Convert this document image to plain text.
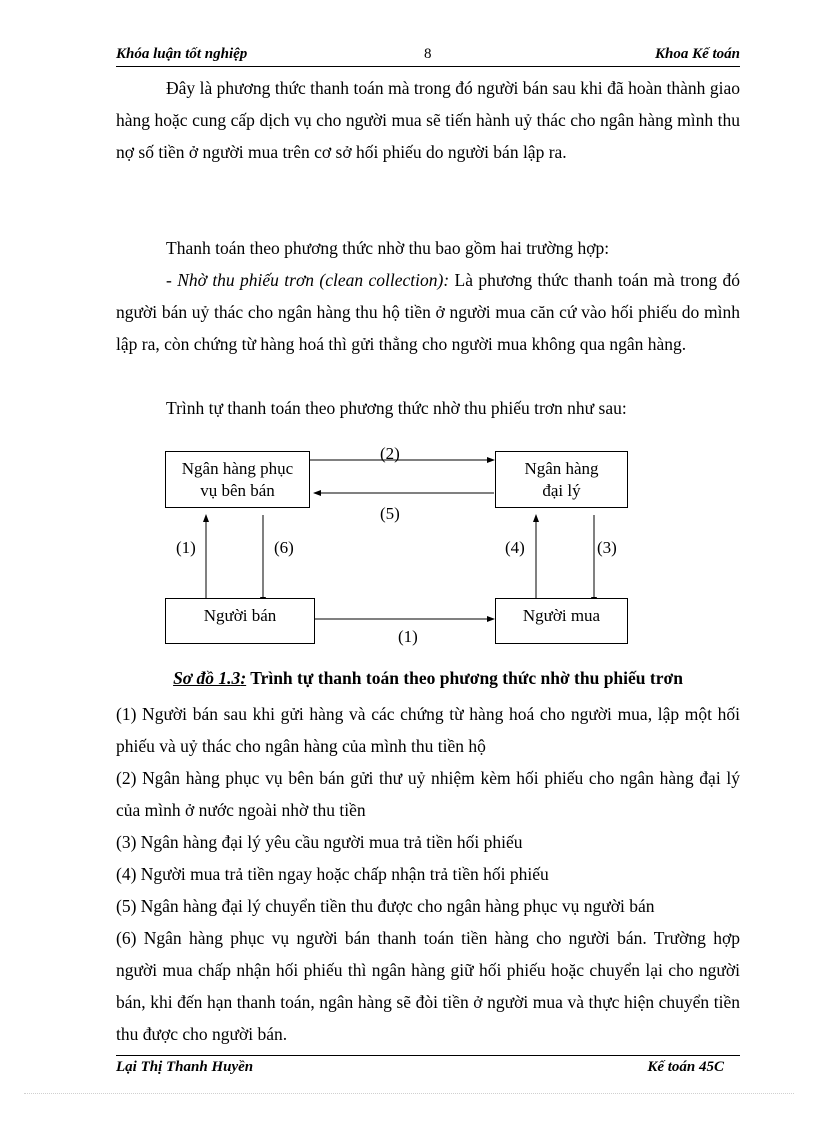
Khóa luận tốt nghiệp	8	Khoa Kế toán
Đây là phương thức thanh toán mà trong đó người bán sau khi đã hoàn thành giao hàng hoặc cung cấp dịch vụ cho người mua sẽ tiến hành uỷ thác cho ngân hàng mình thu nợ số tiền ở người mua trên cơ sở hối phiếu do người bán lập ra.
Thanh toán theo phương thức nhờ thu bao gồm hai trường hợp:
- Nhờ thu phiếu trơn (clean collection): Là phương thức thanh toán mà trong đó người bán uỷ thác cho ngân hàng thu hộ tiền ở người mua căn cứ vào hối phiếu do mình lập ra, còn chứng từ hàng hoá thì gửi thẳng cho người mua không qua ngân hàng.
Trình tự thanh toán theo phương thức nhờ thu phiếu trơn như sau:
Ngân hàng phục
vụ bên bán
Ngân hàng
đại lý
Người bán	Người mua
(2)
(5)
(1)	(6)	(4)	(3)
(1)
Sơ đồ 1.3: Trình tự thanh toán theo phương thức nhờ thu phiếu trơn
(1) Người bán sau khi gửi hàng và các chứng từ hàng hoá cho người mua, lập một hối phiếu và uỷ thác cho ngân hàng của mình thu tiền hộ
(2) Ngân hàng phục vụ bên bán gửi thư uỷ nhiệm kèm hối phiếu cho ngân hàng đại lý của mình ở nước ngoài nhờ thu tiền
(3) Ngân hàng đại lý yêu cầu người mua trả tiền hối phiếu
(4) Người mua trả tiền ngay hoặc chấp nhận trả tiền hối phiếu
(5) Ngân hàng đại lý chuyển tiền thu được cho ngân hàng phục vụ người bán
(6) Ngân hàng phục vụ người bán thanh toán tiền hàng cho người bán. Trường hợp người mua chấp nhận hối phiếu thì ngân hàng giữ hối phiếu hoặc chuyển lại cho người bán, khi đến hạn thanh toán, ngân hàng sẽ đòi tiền ở người mua và thực hiện chuyển tiền thu được cho người bán.
Lại Thị Thanh Huyền	Kế toán 45C
